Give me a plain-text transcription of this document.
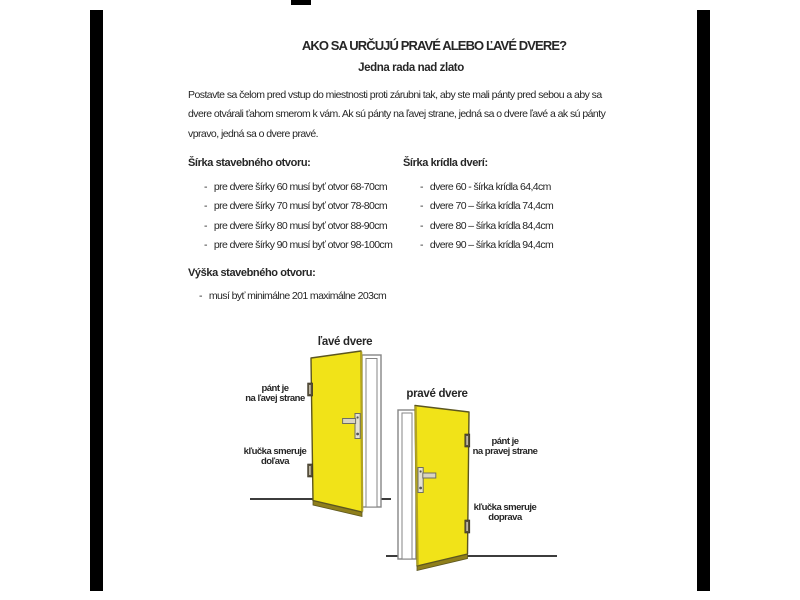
AKO SA URČUJÚ PRAVÉ ALEBO ĽAVÉ DVERE?
Jedna rada nad zlato
Postavte sa čelom pred vstup do miestnosti proti zárubni tak, aby ste mali pánty pred sebou a aby sa
dvere otvárali ťahom smerom k vám. Ak sú pánty na ľavej strane, jedná sa o dvere ľavé a ak sú pánty
vpravo, jedná sa o dvere pravé.
Šírka stavebného otvoru:
- pre dvere šírky 60 musí byť otvor 68-70cm
- pre dvere šírky 70 musí byť otvor 78-80cm
- pre dvere šírky 80 musí byť otvor 88-90cm
- pre dvere šírky 90 musí byť otvor 98-100cm
Šírka krídla dverí:
- dvere 60 - šírka krídla 64,4cm
- dvere 70 – šírka krídla 74,4cm
- dvere 80 – šírka krídla 84,4cm
- dvere 90 – šírka krídla 94,4cm
Výška stavebného otvoru:
- musí byť minimálne 201 maximálne 203cm
ľavé dvere
pánt je
na ľavej strane
kľučka smeruje
doľava
pravé dvere
pánt je
na pravej strane
kľučka smeruje
doprava
